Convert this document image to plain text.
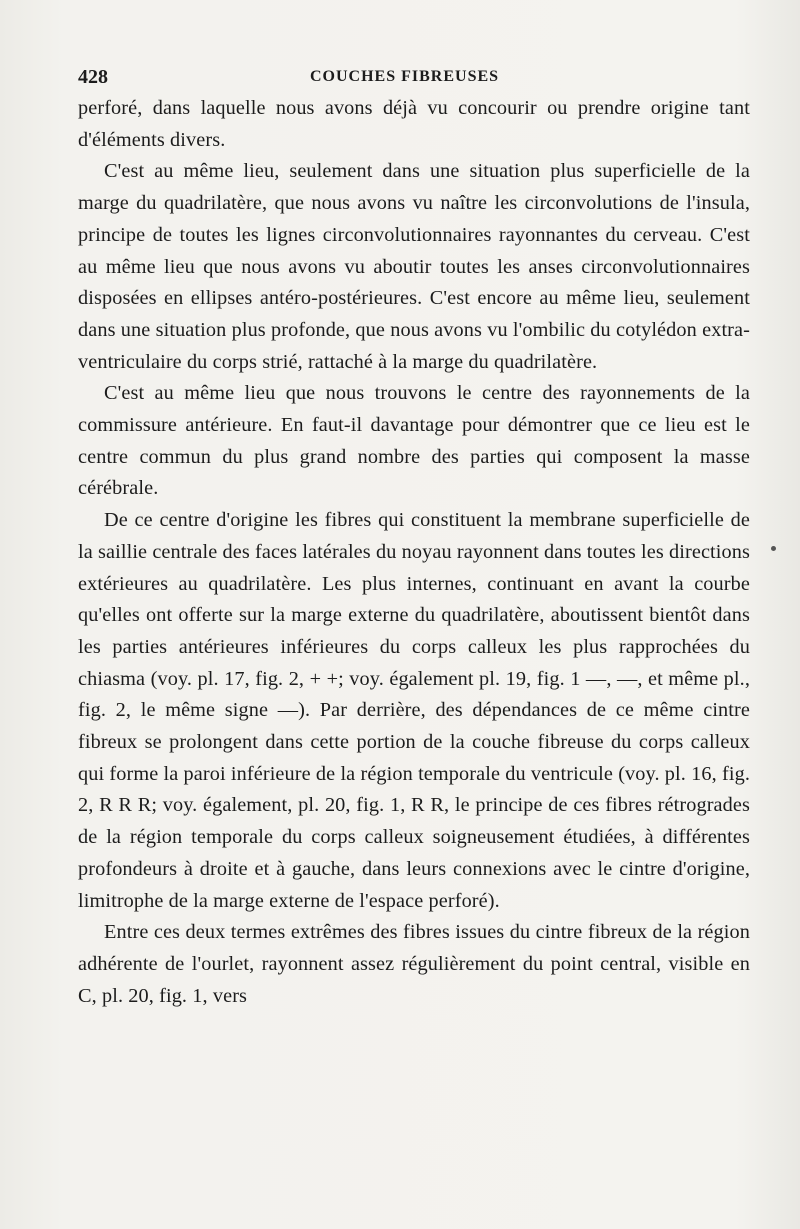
428	COUCHES FIBREUSES

perforé, dans laquelle nous avons déjà vu concourir ou prendre origine tant d'éléments divers.

C'est au même lieu, seulement dans une situation plus superficielle de la marge du quadrilatère, que nous avons vu naître les circonvolutions de l'insula, principe de toutes les lignes circonvolutionnaires rayonnantes du cerveau. C'est au même lieu que nous avons vu aboutir toutes les anses circonvolutionnaires disposées en ellipses antéro-postérieures. C'est encore au même lieu, seulement dans une situation plus profonde, que nous avons vu l'ombilic du cotylédon extra-ventriculaire du corps strié, rattaché à la marge du quadrilatère.

C'est au même lieu que nous trouvons le centre des rayonnements de la commissure antérieure. En faut-il davantage pour démontrer que ce lieu est le centre commun du plus grand nombre des parties qui composent la masse cérébrale.

De ce centre d'origine les fibres qui constituent la membrane superficielle de la saillie centrale des faces latérales du noyau rayonnent dans toutes les directions extérieures au quadrilatère. Les plus internes, continuant en avant la courbe qu'elles ont offerte sur la marge externe du quadrilatère, aboutissent bientôt dans les parties antérieures inférieures du corps calleux les plus rapprochées du chiasma (voy. pl. 17, fig. 2, + +; voy. également pl. 19, fig. 1 —, —, et même pl., fig. 2, le même signe —). Par derrière, des dépendances de ce même cintre fibreux se prolongent dans cette portion de la couche fibreuse du corps calleux qui forme la paroi inférieure de la région temporale du ventricule (voy. pl. 16, fig. 2, R R R; voy. également, pl. 20, fig. 1, R R, le principe de ces fibres rétrogrades de la région temporale du corps calleux soigneusement étudiées, à différentes profondeurs à droite et à gauche, dans leurs connexions avec le cintre d'origine, limitrophe de la marge externe de l'espace perforé).

Entre ces deux termes extrêmes des fibres issues du cintre fibreux de la région adhérente de l'ourlet, rayonnent assez régulièrement du point central, visible en C, pl. 20, fig. 1, vers
